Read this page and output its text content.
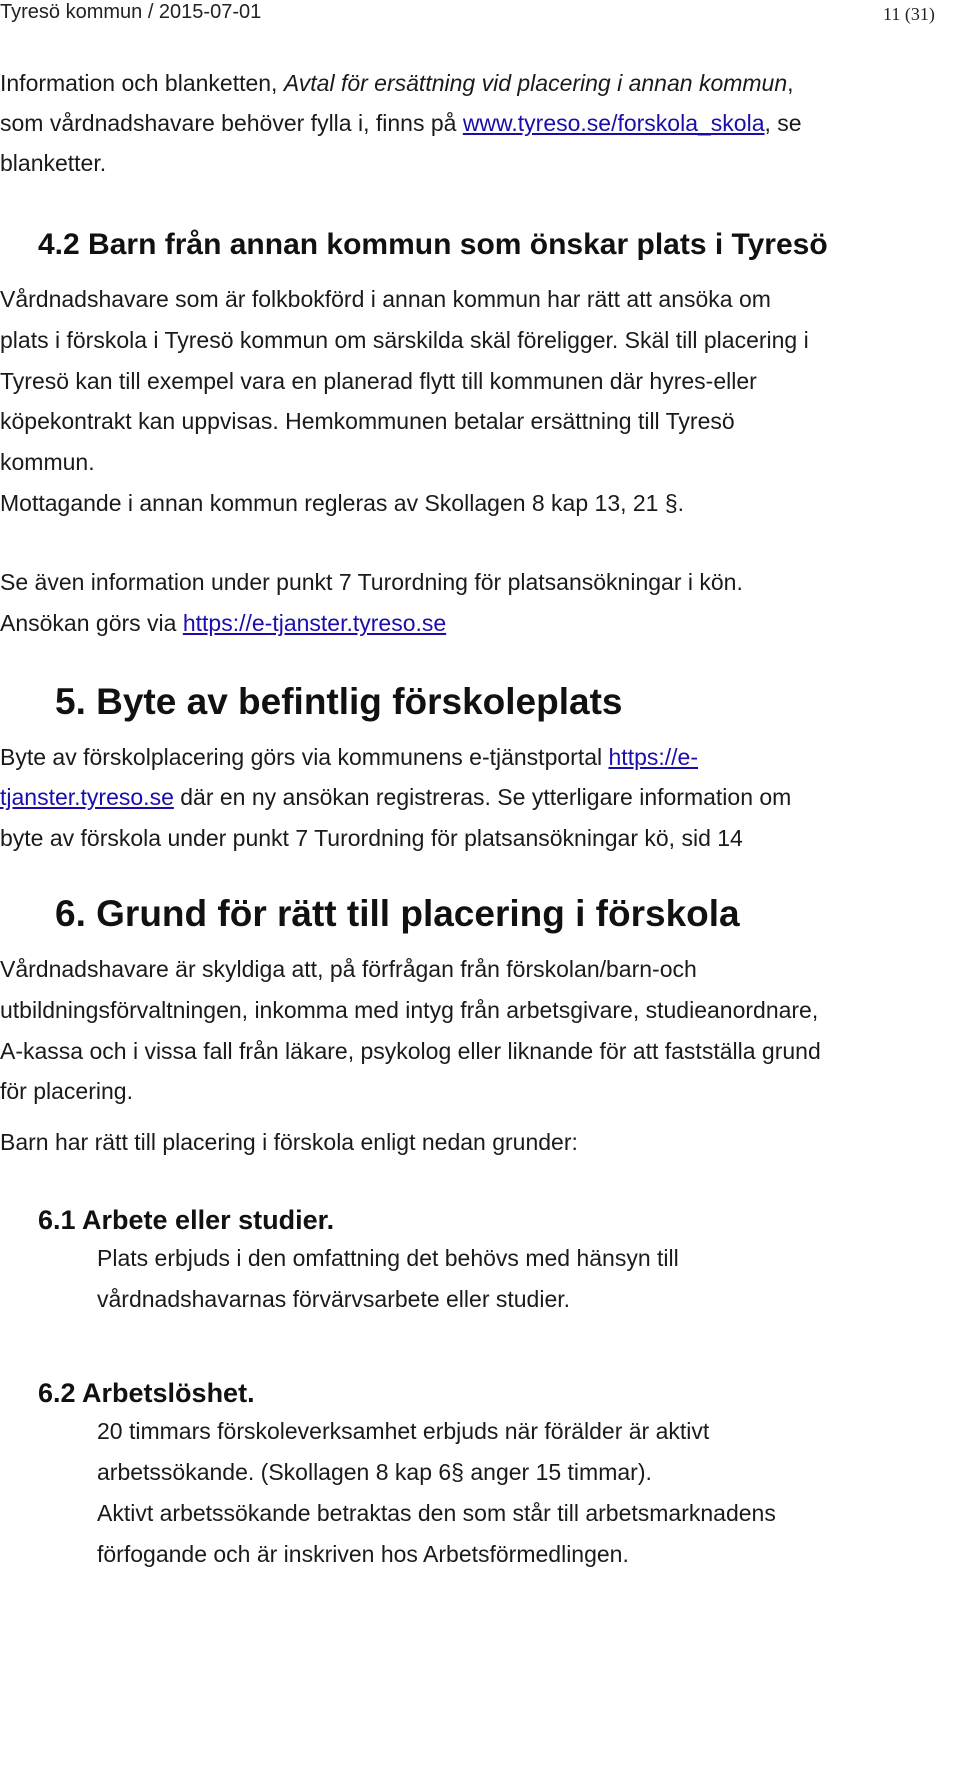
Tyresö kommun / 2015-07-01	11 (31)
Information och blanketten, Avtal för ersättning vid placering i annan kommun,
som vårdnadshavare behöver fylla i, finns på www.tyreso.se/forskola_skola, se
blanketter.
4.2 Barn från annan kommun som önskar plats i Tyresö
Vårdnadshavare som är folkbokförd i annan kommun har rätt att ansöka om
plats i förskola i Tyresö kommun om särskilda skäl föreligger. Skäl till placering i
Tyresö kan till exempel vara en planerad flytt till kommunen där hyres-eller
köpekontrakt kan uppvisas. Hemkommunen betalar ersättning till Tyresö
kommun.
Mottagande i annan kommun regleras av Skollagen 8 kap 13, 21 §.
Se även information under punkt 7 Turordning för platsansökningar i kön.
Ansökan görs via https://e-tjanster.tyreso.se
5. Byte av befintlig förskoleplats
Byte av förskolplacering görs via kommunens e-tjänstportal https://e-
tjanster.tyreso.se där en ny ansökan registreras. Se ytterligare information om
byte av förskola under punkt 7 Turordning för platsansökningar kö, sid 14
6. Grund för rätt till placering i förskola
Vårdnadshavare är skyldiga att, på förfrågan från förskolan/barn-och
utbildningsförvaltningen, inkomma med intyg från arbetsgivare, studieanordnare,
A-kassa och i vissa fall från läkare, psykolog eller liknande för att fastställa grund
för placering.
Barn har rätt till placering i förskola enligt nedan grunder:
6.1 Arbete eller studier.
Plats erbjuds i den omfattning det behövs med hänsyn till
vårdnadshavarnas förvärvsarbete eller studier.
6.2 Arbetslöshet.
20 timmars förskoleverksamhet erbjuds när förälder är aktivt
arbetssökande. (Skollagen 8 kap 6§ anger 15 timmar).
Aktivt arbetssökande betraktas den som står till arbetsmarknadens
förfogande och är inskriven hos Arbetsförmedlingen.
